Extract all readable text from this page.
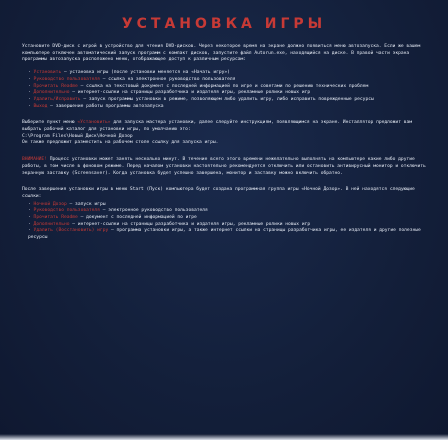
УСТАНОВКА ИГРЫ

Установите DVD-диск с игрой в устройство для чтения DVD-дисков. Через некоторое время на экране должно появиться меню автозапуска. Если же вашем компьютере отключен автоматический запуск программ с компакт дисков, запустите файл Autorun.exe, находящийся на диске. В правой части экрана программы автозапуска расположено меню, отображающее доступ к различным ресурсам:

· Установить — установка игры (после установки меняется на «Начать игру»)
· Руководство пользователя — ссылка на электронное руководство пользователя
· Прочитать Readme — ссылка на текстовый документ с последней информацией по игре и советами по решению технических проблем
· Дополнительно — интернет-ссылки на страницы разработчика и издателя игры, рекламные ролики новых игр
· Удалить/Исправить — запуск программы установки в режиме, позволяющем либо удалить игру, либо исправить поврежденные ресурсы
· Выход — завершение работы программы автозапуска

Выберите пункт меню «Установить» для запуска мастера установки, далее следуйте инструкциям, появляющимся на экране. Инсталлятор предложит вам выбрать рабочий каталог для установки игры, по умолчанию это:
C:\Program Files\Новый Диск\Ночной Дозор
Он также предложит разместить на рабочем столе ссылку для запуска игры.

ВНИМАНИЕ! Процесс установки может занять несколько минут. В течение всего этого времени нежелательно выполнять на компьютере какие либо другие работы, в том числе в фоновом режиме. Перед началом установки настоятельно рекомендуется отключить или остановить антивирусный монитор и отключить экранную заставку (Screensaver). Когда установка будет успешно завершена, монитор и заставку можно включить обратно.

После завершения установки игры в меню Start (Пуск) компьютера будет создана программная группа игры «Ночной Дозор». В ней находятся следующие ссылки:

· Ночной Дозор — запуск игры
· Руководство пользователя — электронное руководство пользователя
· Прочитать Readme — документ с последней информацией по игре
· Дополнительно — интернет-ссылки на страницы разработчика и издателя игры, рекламные ролики новых игр
· Удалить (Восстановить) игру — программа установки игры, а также интернет ссылки на страницы разработчика игры, ее издателя и другие полезные ресурсы
